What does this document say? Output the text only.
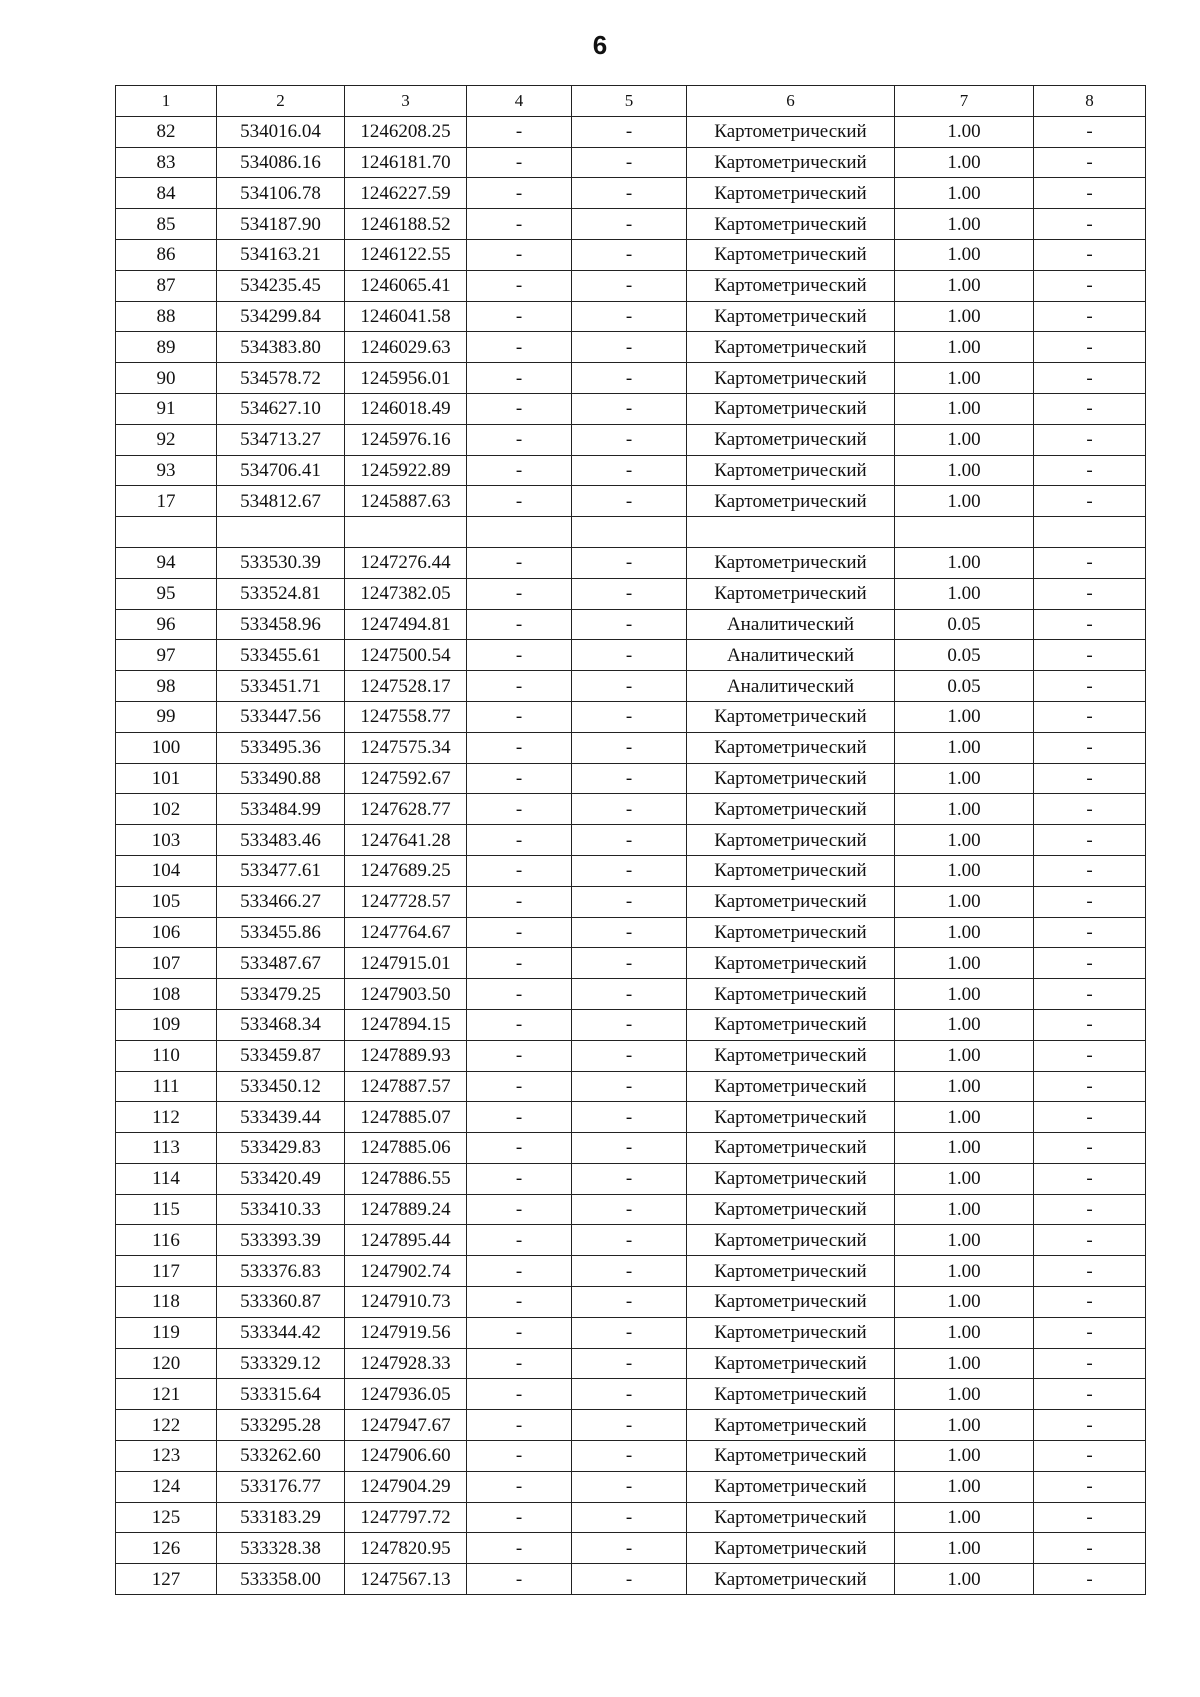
6
1	2	3	4	5	6	7	8
82	534016.04	1246208.25	-	-	Картометрический	1.00	-
83	534086.16	1246181.70	-	-	Картометрический	1.00	-
84	534106.78	1246227.59	-	-	Картометрический	1.00	-
85	534187.90	1246188.52	-	-	Картометрический	1.00	-
86	534163.21	1246122.55	-	-	Картометрический	1.00	-
87	534235.45	1246065.41	-	-	Картометрический	1.00	-
88	534299.84	1246041.58	-	-	Картометрический	1.00	-
89	534383.80	1246029.63	-	-	Картометрический	1.00	-
90	534578.72	1245956.01	-	-	Картометрический	1.00	-
91	534627.10	1246018.49	-	-	Картометрический	1.00	-
92	534713.27	1245976.16	-	-	Картометрический	1.00	-
93	534706.41	1245922.89	-	-	Картометрический	1.00	-
17	534812.67	1245887.63	-	-	Картометрический	1.00	-

94	533530.39	1247276.44	-	-	Картометрический	1.00	-
95	533524.81	1247382.05	-	-	Картометрический	1.00	-
96	533458.96	1247494.81	-	-	Аналитический	0.05	-
97	533455.61	1247500.54	-	-	Аналитический	0.05	-
98	533451.71	1247528.17	-	-	Аналитический	0.05	-
99	533447.56	1247558.77	-	-	Картометрический	1.00	-
100	533495.36	1247575.34	-	-	Картометрический	1.00	-
101	533490.88	1247592.67	-	-	Картометрический	1.00	-
102	533484.99	1247628.77	-	-	Картометрический	1.00	-
103	533483.46	1247641.28	-	-	Картометрический	1.00	-
104	533477.61	1247689.25	-	-	Картометрический	1.00	-
105	533466.27	1247728.57	-	-	Картометрический	1.00	-
106	533455.86	1247764.67	-	-	Картометрический	1.00	-
107	533487.67	1247915.01	-	-	Картометрический	1.00	-
108	533479.25	1247903.50	-	-	Картометрический	1.00	-
109	533468.34	1247894.15	-	-	Картометрический	1.00	-
110	533459.87	1247889.93	-	-	Картометрический	1.00	-
111	533450.12	1247887.57	-	-	Картометрический	1.00	-
112	533439.44	1247885.07	-	-	Картометрический	1.00	-
113	533429.83	1247885.06	-	-	Картометрический	1.00	-
114	533420.49	1247886.55	-	-	Картометрический	1.00	-
115	533410.33	1247889.24	-	-	Картометрический	1.00	-
116	533393.39	1247895.44	-	-	Картометрический	1.00	-
117	533376.83	1247902.74	-	-	Картометрический	1.00	-
118	533360.87	1247910.73	-	-	Картометрический	1.00	-
119	533344.42	1247919.56	-	-	Картометрический	1.00	-
120	533329.12	1247928.33	-	-	Картометрический	1.00	-
121	533315.64	1247936.05	-	-	Картометрический	1.00	-
122	533295.28	1247947.67	-	-	Картометрический	1.00	-
123	533262.60	1247906.60	-	-	Картометрический	1.00	-
124	533176.77	1247904.29	-	-	Картометрический	1.00	-
125	533183.29	1247797.72	-	-	Картометрический	1.00	-
126	533328.38	1247820.95	-	-	Картометрический	1.00	-
127	533358.00	1247567.13	-	-	Картометрический	1.00	-
